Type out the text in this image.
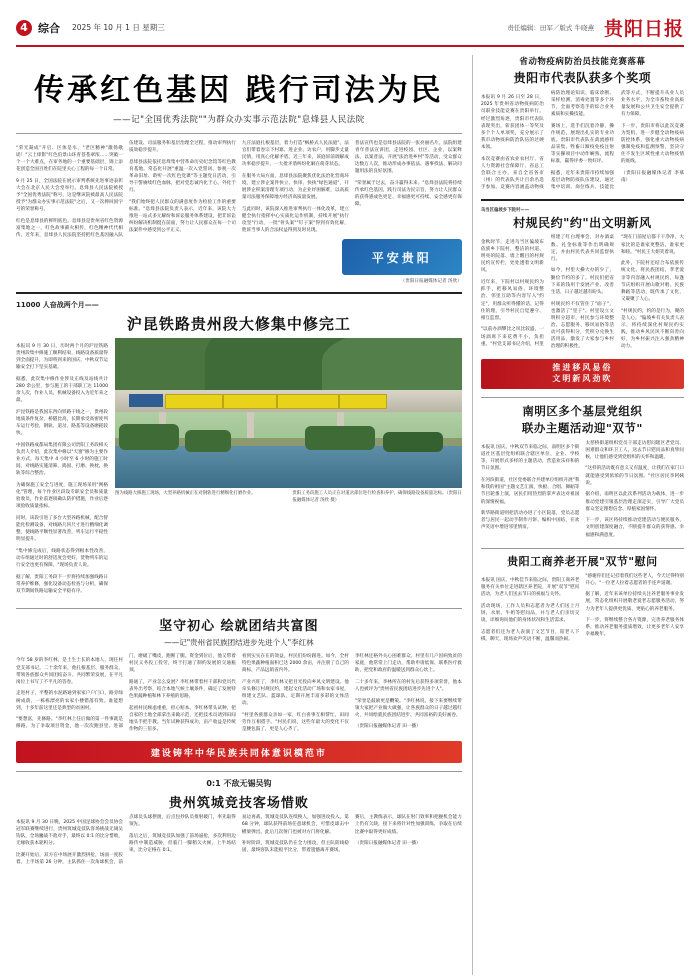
4 综合 2025 年 10 月 1 日 星期三	责任编辑：田军／版式 牛晓燕 贵阳日报
传承红色基因 践行司法为民
——记"全国优秀法院""为群众办实事示范法院"息烽县人民法院

"荣光凝成"开启、区体是水，"老区精神"激扬歌谣！"云上烽影"红色伯景山环青苍苍翠浓……突破一个一个大难点，在审务地的一个重要基础层，锦上添花创造全国百姓们在院里关心工程的每一个日常。

9 月 25 日，全国法院在展示审判系统先进事迹表彰大会在北京人民大会堂举行。息烽县人民法院被授予"全国优秀法院"称号，这是继该院被最高人民法院授予"为群众办实事示范法院"之后，又一次捧回国字号的荣誉称号。

红色是息烽县的鲜明底色。息烽县是贵州省红色资源富集地之一，红色故事薪火相传，红色精神代代相传。近年来，息烽县人民法院坚持把红色基因融入队伍建设、司法服务和基层治理全过程，推动审判执行质效稳步提升。

息烽县法院依托息烽集中营革命历史纪念馆等红色教育基地，常态化开展"重温一次入党誓词、参观一次革命旧址、聆听一次红色党课"等主题党日活动，引导干警赓续红色血脉，把对党忠诚内化于心、外化于行。

"我们始终把人民群众的满意度作为检验工作的重要标准。"息烽县法院负责人表示，近年来，该院大力推进一站式多元解纷和诉讼服务体系建设，把非诉讼纠纷解决机制挺在前面，努力让人民群众在每一个司法案件中感受到公平正义。

九庄法庭扎根基层，着力打造"枫桥式人民法庭"。法官们带着卷宗下村寨、进企业、访农户，用脚步丈量民情，用真心化解矛盾。近三年来，该庭诉前调解成功率稳步提升，一大批矛盾纠纷化解在萌芽状态。

在服务大局方面，息烽县法院聚焦优化法治化营商环境，建立涉企案件快立、快审、快执"绿色通道"，开展涉企积案清理专项行动，为企业纾困解难，以高质量司法服务保障地方经济高质量发展。

与此同时，该院深入推进审判执行一体化改革，建立健全执行指挥中心实质化运作机制，持续开展"执行攻坚"行动，一批"骨头案""钉子案"得到有效化解，胜诉当事人的合法权益得到及时兑现。

普法宣传也是息烽县法院的一张亮丽名片。法院组建青年普法宣讲团，走进校园、社区、企业，以案释法、以案普法，开展"法治进乡村"等活动，受众群众达数万人次，推动形成办事依法、遇事找法、解决问题用法的良好氛围。

"荣誉属于过去，奋斗赢得未来。"息烽县法院将持续传承红色基因，践行司法为民宗旨，努力让人民群众的获得感成色更足、幸福感更可持续、安全感更有保障。

平安贵阳
（贵阳日报融媒体记者 汤欣）
11000 人奋战两个月——
沪昆铁路贵州段大修集中修完工

本报讯 9 月 30 日，历时两个月的沪昆铁路贵州段集中修施工顺利结束，线路设备质量得到全面提升，为即将到来的国庆、中秋双节运输安全打下坚实基础。

据悉，此次集中修作业涉及正线及站线共计 280 余公里，参与施工的干部职工达 11000 余人次，作业人员、机械设备投入为近年来之最。

沪昆铁路是我国东西向铁路干线之一，贵州段地质条件复杂，桥隧比高，长期承受高密度列车运行考验，钢轨、道岔、路基等设备磨耗较快。

中国铁路成都局集团有限公司贵阳工务段相关负责人介绍，此次集中修以"天窗"修为主要作业方式，每天集中 4 小时至 6 小时的施工时间，对线路实施清筛、捣固、打磨、换枕、换轨等综合整治。

为确保施工安全与进度，施工现场采用"网格化"管理，每个作业区段设专职安全员和质量验收员，作业前逐项确认防护措施，作业后逐项验收质量指标。

同时，该段引进了多台大型养路机械，配合智能化检测设备，对线路几何尺寸进行精细化调整，使线路平顺性显著改善，列车运行平稳性明显提升。

"集中修完成后，线路状态得到根本性改善，动车组通过时的舒适度会更好，货物列车的运行安全也更有保障。"现场负责人说。

据了解，贵阳工务段下一步将持续加强线路日常养护维修，强化设备动态检查与分析，确保双节期间铁路运输安全平稳有序。

图为线路大修施工现场，大型养路机械正在对钢轨进行精细化打磨作业。	贵阳工务段施工人员正在对道岔部位进行检查和养护，确保线路设备质量达标。（贵阳日报融媒体记者 汤欣 摄）
坚守初心 绘就团结共富图
——记"贵州省民族团结进步先进个人"李红林

今年 58 岁的李红林，是土生土长的本地人，现任村党支部书记。二十余年来，他扎根基层、服务群众，带领各族群众共同团结奋斗、共同繁荣发展，在平凡岗位上书写了不平凡的答卷。

走进村子，平整的水泥路通到家家户户门口，路旁绿树成荫，一栋栋漂亮的农家小楼错落有致。谁能想到，十多年前这里还是典型的贫困村。

"要想富，先修路。"李红林上任后做的第一件事就是修路。为了争取项目资金，他一次次跑县里、进部门，磨破了嘴皮，跑断了腿。资金到位后，他又带着村民义务投工投劳，终于打通了制约发展的交通瓶颈。

路通了，产业怎么发展？李红林带着村干部和党员代表外出考察，结合本地气候土壤条件，确定了发展特色果蔬种植和林下养殖的思路。

起初村民顾虑重重，担心赔本。李红林带头试种，把自家的土地全部拿出来做示范，还把技术员请到田间地头手把手教。当年试种获得成功，亩产收益是传统作物的三倍多。

看到实实在在的效益，村民们纷纷跟进。如今，全村特色果蔬种植面积已达 2000 余亩，并注册了自己的商标，产品远销省内外。

产业兴旺了，李红林又把目光投向乡风文明建设。他牵头修订村规民约，建起文化活动广场和农家书屋，组建文艺队、篮球队，定期开展丰富多彩的文体活动。

"村里各族群众亲如一家，红白喜事互相帮忙，田间劳作互相搭手。"村民们说，这些年最大的变化不仅是腰包鼓了，更是人心齐了。

李红林还格外关心困难群众。村里有几户因病致贫的家庭，他常常上门走访，帮助申请低保、联系医疗救助，把党和政府的温暖送到群众心坎上。

二十多年来，李林所在的村先后获得多项荣誉，他本人也被评为"贵州省民族团结进步先进个人"。

"荣誉是鼓励更是鞭策。"李红林说，接下来要继续带领大家把产业做大做强，让各族群众的日子越过越红火，共同绘就民族团结进步、共同富裕的美好画卷。

（贵阳日报融媒体记者 田一播）

建设铸牢中华民族共同体意识模范市
0:1 不敌无锡吴钩
贵州筑城竞技客场惜败

本报讯 9 月 30 日晚，2025 中国足球协会会员协会冠军联赛继续进行，贵州筑城竞技队客场挑战无锡吴钩队，全场鏖战不敌对手，最终以 0:1 的比分惜败，无缘收获本轮积分。

比赛开始后，双方在中场展开激烈拼抢，场面一度胶着。上半场第 26 分钟，主队抓住一次角球机会，前点球员头球摆渡，后点包抄队员推射破门，率先取得领先。

落后之后，筑城竞技队加强了前场逼抢，多次利用边路传中制造威胁，但临门一脚稍欠火候。上半场结束，比分定格在 0:1。

易边再战，筑城竞技队连续换人，加强进攻投入。第 68 分钟，球队获得前场任意球机会，可惜皮球击中横梁弹出。此后几次射门也被对方门将化解。

补时阶段，筑城竞技队仍在全力围攻，但主队防线稳固，最终客队未能扳平比分，带着遗憾离开赛场。

赛后，主教练表示，球队在射门效率和把握机会能力上仍有欠缺，接下来将针对性加强训练，争取在后续比赛中取得更好成绩。

（贵阳日报融媒体记者 田一播）

省动物疫病防治员技能竞赛落幕
贵阳市代表队获多个奖项

本报讯 9 月 26 日至 28 日，2025 年贵州省动物疫病防治员职业技能竞赛在贵阳举行。经过激烈角逐，贵阳市代表队表现突出，斩获团体一等奖及多个个人单项奖，充分展示了我市动物疫病防治队伍的过硬本领。

本次竞赛由省农业农村厅、省人力资源社会保障厅、省总工会联合主办，来自全省各市（州）的代表队共计百余名选手参加。竞赛内容涵盖动物疫病防治理论知识、临床诊断、采样检测、消毒处置等多个环节，全面考察选手的综合业务素质和实操技能。

赛场上，选手们沉着冷静、操作规范，展现出扎实的专业功底。贵阳市代表队在禽流感样品采集、牲畜口蹄疫免疫注射等实操项目中动作娴熟、流程标准，赢得评委一致好评。

据悉，近年来贵阳市持续加强基层动物防疫队伍建设，通过集中培训、岗位练兵、技能比武等方式，不断提升从业人员业务水平，为全市畜牧业高质量发展和公共卫生安全提供了有力保障。

下一步，贵阳市将以此次竞赛为契机，进一步健全动物疫病防控体系，强化重大动物疫病强制免疫和监测预警，坚决守住不发生区域性重大动物疫情的底线。

（贵阳日报融媒体记者 李慕南）

乌当区偏坡乡下院村——
村规民约"约"出文明新风

金秋时节，走进乌当区偏坡布依族乡下院村，整洁的村道、明亮的院落、墙上醒目的村规民约宣传栏，处处透着文明新风。

近年来，下院村以村规民约为抓手，把移风易俗、环境整治、邻里互助等内容写入"约定"，用群众听得懂的话、记得住的理，引导村民自觉遵守、相互监督。

"以前办酒攀比之风比较盛，一场酒席下来花费不小，负担重。"村党支部书记介绍，村里组建了红白理事会，对办酒桌数、礼金标准等作出明确规定，并由村民代表共同监督执行。

如今，村里大操大办的少了，勤俭节约的多了。村民们把省下来的钱用于发展产业、改善生活，日子越过越有盼头。

村规民约不仅管住了"面子"，也激活了"里子"。村里设立文明积分超市，村民参与环境整治、志愿服务、移风易俗等活动可获得积分，凭积分兑换生活用品，激发了大家参与乡村治理的积极性。

"现在门前屋后都干干净净，大家比的是谁家更整洁、谁家更和睦。"村民王大姐笑着说。

此外，下院村还结合布依族传统文化，将民族团结、孝老爱亲等内容融入村规民约，每逢节庆组织开展山歌对唱、民族舞蹈等活动，既传承了文化，又凝聚了人心。

"村规民约，约的是行为，聚的是人心。"偏坡乡有关负责人表示，将持续深化村规民约实践，推动乡风民风不断向善向好，为乡村振兴注入强劲精神动力。

推进移风易俗
文明新风劲吹
南明区多个基层党组织
联办主题活动迎"双节"

本报讯 国庆、中秋双节来临之际，南明区多个街道社区基层党组织联合辖区单位、企业、学校等，开展形式多样的主题活动，营造欢乐祥和的节日氛围。

在河滨街道，社区党委联合共建单位组织开展"我和我的祖国"主题文艺汇演，快板、合唱、舞蹈等节目轮番上演，居民们用热烈的掌声表达对祖国的深情祝福。

新华路街道则把活动办进了小区院落，党员志愿者与居民一起动手制作月饼、编织中国结，在欢声笑语中增进邻里情谊。

太慈桥街道组织党员干部走访慰问辖区老党员、困难群众和环卫工人，送去节日慰问品和真挚问候，让他们感受到党组织的关怀和温暖。

"这样的活动既有意义又有温度，让我们在家门口就能感受到浓浓的节日氛围。"社区居民李阿姨说。

据介绍，南明区以此次系列活动为载体，进一步推动党建引领基层治理走深走实，引导广大党员群众坚定理想信念、厚植家国情怀。

下一步，该区将持续推动党建活动与便民服务、文明创建深度融合，不断提升群众的获得感、幸福感和满意度。

贵阳工商养老开展"双节"慰问

本报讯 国庆、中秋佳节来临之际，贵阳工商养老服务有关单位走进辖区养老院，开展"双节"慰问活动，为老人们送去节日的祝福与关怀。

活动现场，工作人员和志愿者为老人们送上月饼、水果、牛奶等慰问品，并与老人们亲切交谈，详细询问他们的身体状况和生活需求。

志愿者们还为老人表演了文艺节目，陪老人下棋、聊天，现场欢声笑语不断，温馨而热闹。

"感谢你们还记挂着我们这些老人，今天过得特别开心。"一位老人拉着志愿者的手连声道谢。

据了解，近年来该单位持续关注养老服务事业发展，常态化组织开展敬老爱老志愿服务活动，努力为老年人提供更优质、更贴心的养老服务。

下一步，将继续整合各方资源，完善养老服务体系，推动养老服务提质增效，让更多老年人安享幸福晚年。
